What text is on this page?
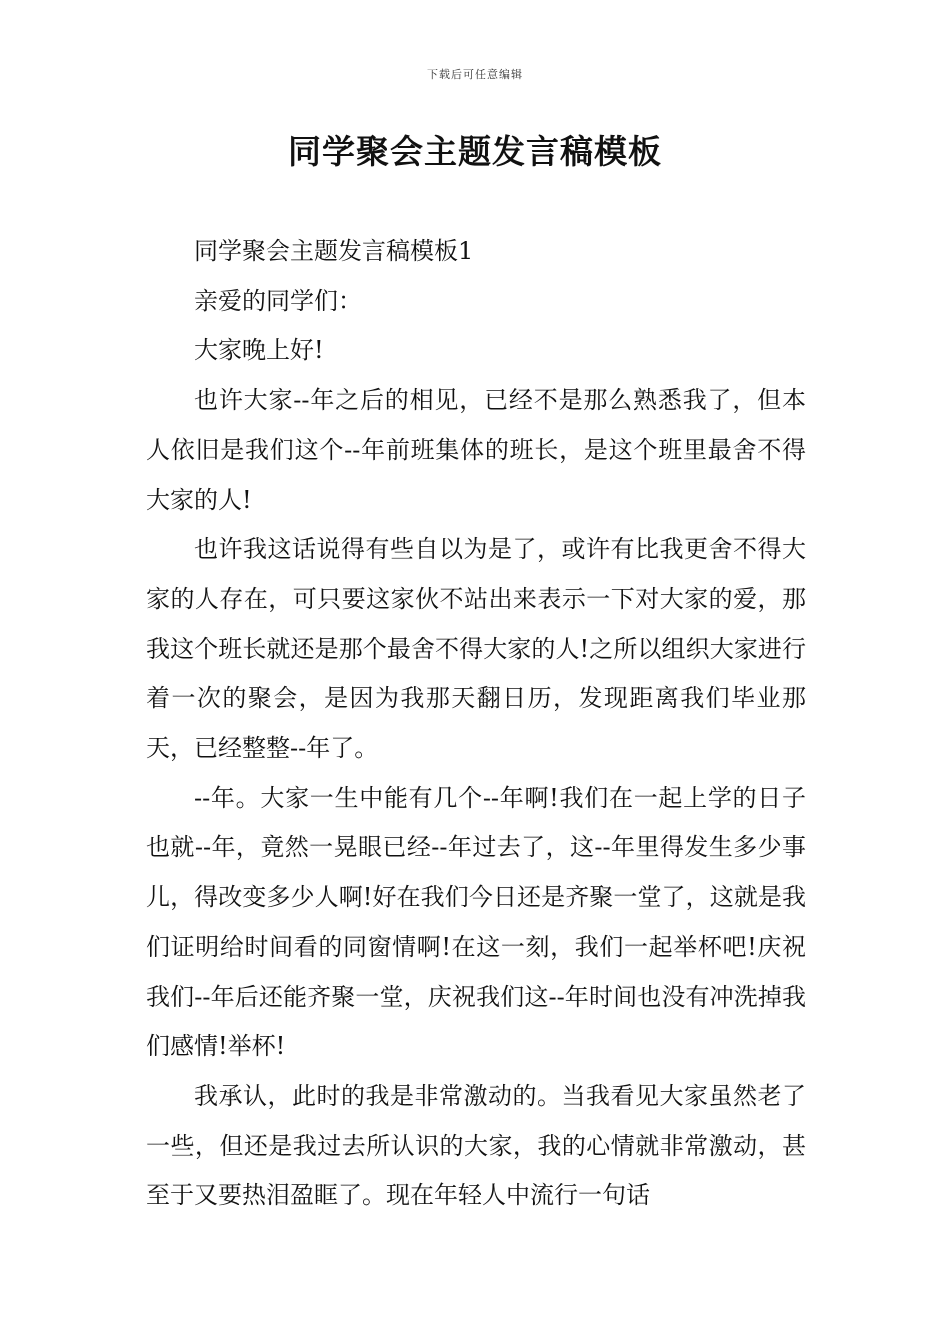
下载后可任意编辑
同学聚会主题发言稿模板

同学聚会主题发言稿模板1

亲爱的同学们：

大家晚上好!

也许大家--年之后的相见，已经不是那么熟悉我了，但本人依旧是我们这个--年前班集体的班长，是这个班里最舍不得大家的人!

也许我这话说得有些自以为是了，或许有比我更舍不得大家的人存在，可只要这家伙不站出来表示一下对大家的爱，那我这个班长就还是那个最舍不得大家的人!之所以组织大家进行着一次的聚会，是因为我那天翻日历，发现距离我们毕业那天，已经整整--年了。

--年。大家一生中能有几个--年啊!我们在一起上学的日子也就--年，竟然一晃眼已经--年过去了，这--年里得发生多少事儿，得改变多少人啊!好在我们今日还是齐聚一堂了，这就是我们证明给时间看的同窗情啊!在这一刻，我们一起举杯吧!庆祝我们--年后还能齐聚一堂，庆祝我们这--年时间也没有冲洗掉我们感情!举杯!

我承认，此时的我是非常激动的。当我看见大家虽然老了一些，但还是我过去所认识的大家，我的心情就非常激动，甚至于又要热泪盈眶了。现在年轻人中流行一句话
